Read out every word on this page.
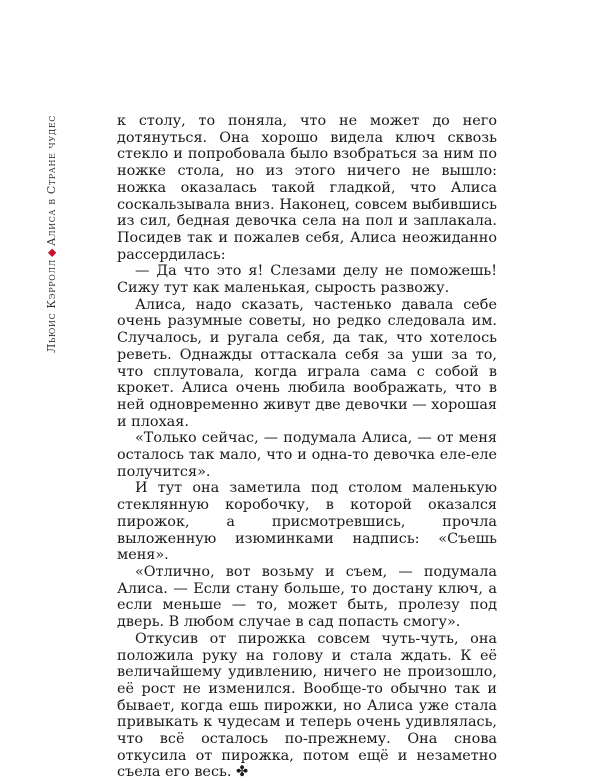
Льюис Кэрролл◆Алиса в Стране чудес	к столу, то поняла, что не может до него дотянуться. Она хорошо видела ключ сквозь стекло и попробовала было взобраться за ним по ножке стола, но из этого ничего не вышло: ножка оказалась такой гладкой, что Алиса соскальзывала вниз. Наконец, совсем выбившись из сил, бедная девочка села на пол и заплакала. Посидев так и пожалев себя, Алиса неожиданно рассердилась:

— Да что это я! Слезами делу не поможешь! Сижу тут как маленькая, сырость развожу.

Алиса, надо сказать, частенько давала себе очень разумные советы, но редко следовала им. Случалось, и ругала себя, да так, что хотелось реветь. Однажды оттаскала себя за уши за то, что сплутовала, когда играла сама с собой в крокет. Алиса очень любила воображать, что в ней одновременно живут две девочки — хорошая и плохая.

«Только сейчас, — подумала Алиса, — от меня осталось так мало, что и одна-то девочка еле-еле получится».

И тут она заметила под столом маленькую стеклянную коробочку, в которой оказался пирожок, а присмотревшись, прочла выложенную изюминками надпись: «Съешь меня».

«Отлично, вот возьму и съем, — подумала Алиса. — Если стану больше, то достану ключ, а если меньше — то, может быть, пролезу под дверь. В любом случае в сад попасть смогу».

Откусив от пирожка совсем чуть-чуть, она положила руку на голову и стала ждать. К её величайшему удивлению, ничего не произошло, её рост не изменился. Вообще-то обычно так и бывает, когда ешь пирожки, но Алиса уже стала привыкать к чудесам и теперь очень удивлялась, что всё осталось по-прежнему. Она снова откусила от пирожка, потом ещё и незаметно съела его весь. ✤
